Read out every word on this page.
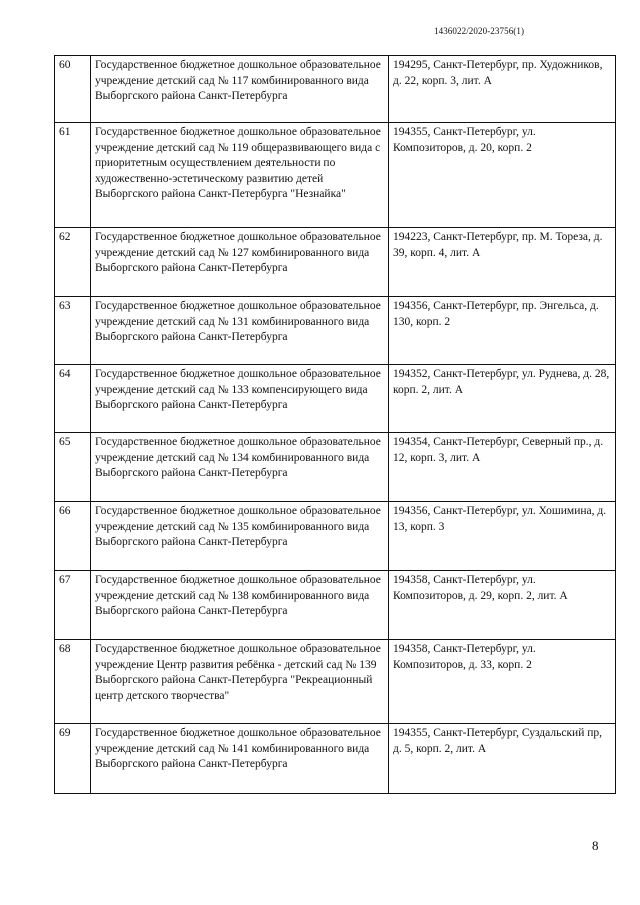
1436022/2020-23756(1)
60	Государственное бюджетное дошкольное образовательное учреждение детский сад № 117 комбинированного вида Выборгского района Санкт-Петербурга	194295, Санкт-Петербург, пр. Художников, д. 22, корп. 3, лит. А
61	Государственное бюджетное дошкольное образовательное учреждение детский сад № 119 общеразвивающего вида с приоритетным осуществлением деятельности по художественно-эстетическому развитию детей Выборгского района Санкт-Петербурга "Незнайка"	194355, Санкт-Петербург, ул. Композиторов, д. 20, корп. 2
62	Государственное бюджетное дошкольное образовательное учреждение детский сад № 127 комбинированного вида Выборгского района Санкт-Петербурга	194223, Санкт-Петербург, пр. М. Тореза, д. 39, корп. 4, лит. А
63	Государственное бюджетное дошкольное образовательное учреждение детский сад № 131 комбинированного вида Выборгского района Санкт-Петербурга	194356, Санкт-Петербург, пр. Энгельса, д. 130, корп. 2
64	Государственное бюджетное дошкольное образовательное учреждение детский сад № 133 компенсирующего вида Выборгского района Санкт-Петербурга	194352, Санкт-Петербург, ул. Руднева, д. 28, корп. 2, лит. А
65	Государственное бюджетное дошкольное образовательное учреждение детский сад № 134 комбинированного вида Выборгского района Санкт-Петербурга	194354, Санкт-Петербург, Северный пр., д. 12, корп. 3, лит. А
66	Государственное бюджетное дошкольное образовательное учреждение детский сад № 135 комбинированного вида Выборгского района Санкт-Петербурга	194356, Санкт-Петербург, ул. Хошимина, д. 13, корп. 3
67	Государственное бюджетное дошкольное образовательное учреждение детский сад № 138 комбинированного вида Выборгского района Санкт-Петербурга	194358, Санкт-Петербург, ул. Композиторов, д. 29, корп. 2, лит. А
68	Государственное бюджетное дошкольное образовательное учреждение Центр развития ребёнка - детский сад № 139 Выборгского района Санкт-Петербурга "Рекреационный центр детского творчества"	194358, Санкт-Петербург, ул. Композиторов, д. 33, корп. 2
69	Государственное бюджетное дошкольное образовательное учреждение детский сад № 141 комбинированного вида Выборгского района Санкт-Петербурга	194355, Санкт-Петербург, Суздальский пр, д. 5, корп. 2, лит. А
8
